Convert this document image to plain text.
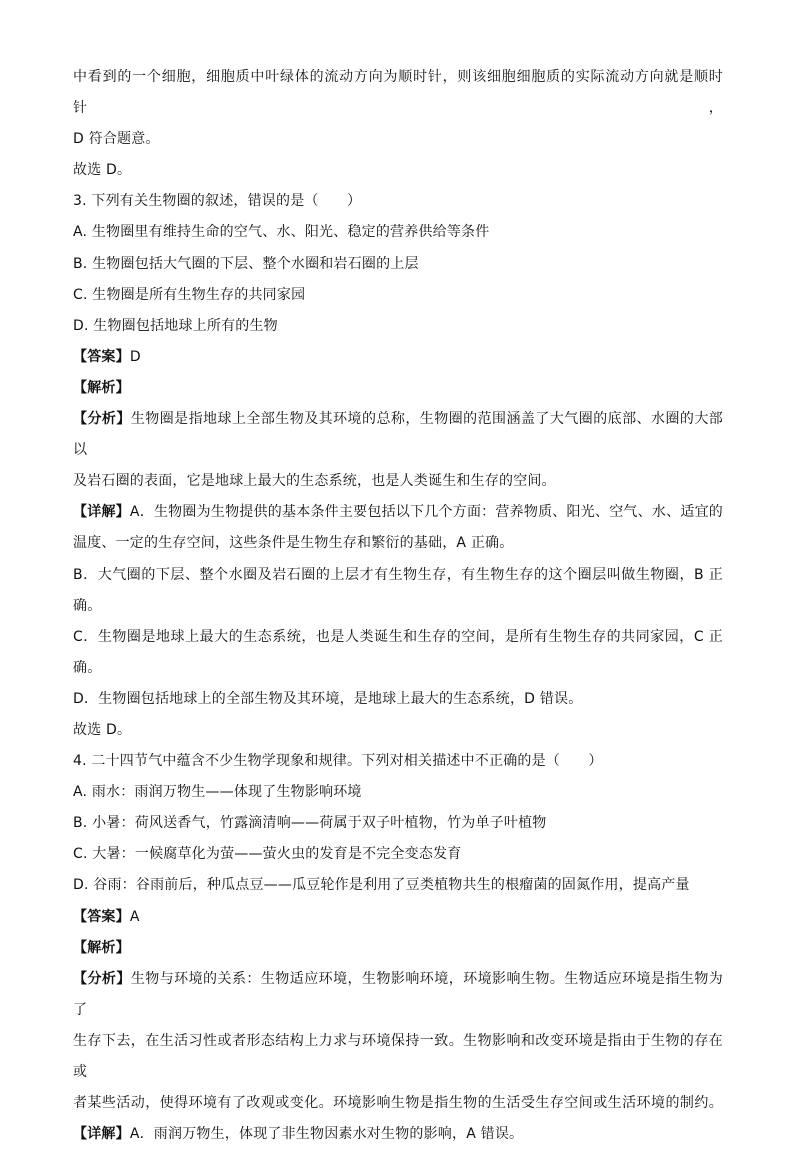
中看到的一个细胞，细胞质中叶绿体的流动方向为顺时针，则该细胞细胞质的实际流动方向就是顺时针，
D 符合题意。
故选 D。
3. 下列有关生物圈的叙述，错误的是（　　）
A. 生物圈里有维持生命的空气、水、阳光、稳定的营养供给等条件
B. 生物圈包括大气圈的下层、整个水圈和岩石圈的上层
C. 生物圈是所有生物生存的共同家园
D. 生物圈包括地球上所有的生物
【答案】D
【解析】
【分析】生物圈是指地球上全部生物及其环境的总称，生物圈的范围涵盖了大气圈的底部、水圈的大部以
及岩石圈的表面，它是地球上最大的生态系统，也是人类诞生和生存的空间。
【详解】A．生物圈为生物提供的基本条件主要包括以下几个方面：营养物质、阳光、空气、水、适宜的
温度、一定的生存空间，这些条件是生物生存和繁衍的基础，A 正确。
B．大气圈的下层、整个水圈及岩石圈的上层才有生物生存，有生物生存的这个圈层叫做生物圈，B 正
确。
C．生物圈是地球上最大的生态系统，也是人类诞生和生存的空间，是所有生物生存的共同家园，C 正
确。
D．生物圈包括地球上的全部生物及其环境，是地球上最大的生态系统，D 错误。
故选 D。
4. 二十四节气中蕴含不少生物学现象和规律。下列对相关描述中不正确的是（　　）
A. 雨水：雨润万物生——体现了生物影响环境
B. 小暑：荷风送香气，竹露滴清响——荷属于双子叶植物，竹为单子叶植物
C. 大暑：一候腐草化为萤——萤火虫的发育是不完全变态发育
D. 谷雨：谷雨前后，种瓜点豆——瓜豆轮作是利用了豆类植物共生的根瘤菌的固氮作用，提高产量
【答案】A
【解析】
【分析】生物与环境的关系：生物适应环境，生物影响环境，环境影响生物。生物适应环境是指生物为了
生存下去，在生活习性或者形态结构上力求与环境保持一致。生物影响和改变环境是指由于生物的存在或
者某些活动，使得环境有了改观或变化。环境影响生物是指生物的生活受生存空间或生活环境的制约。
【详解】A．雨润万物生，体现了非生物因素水对生物的影响，A 错误。
